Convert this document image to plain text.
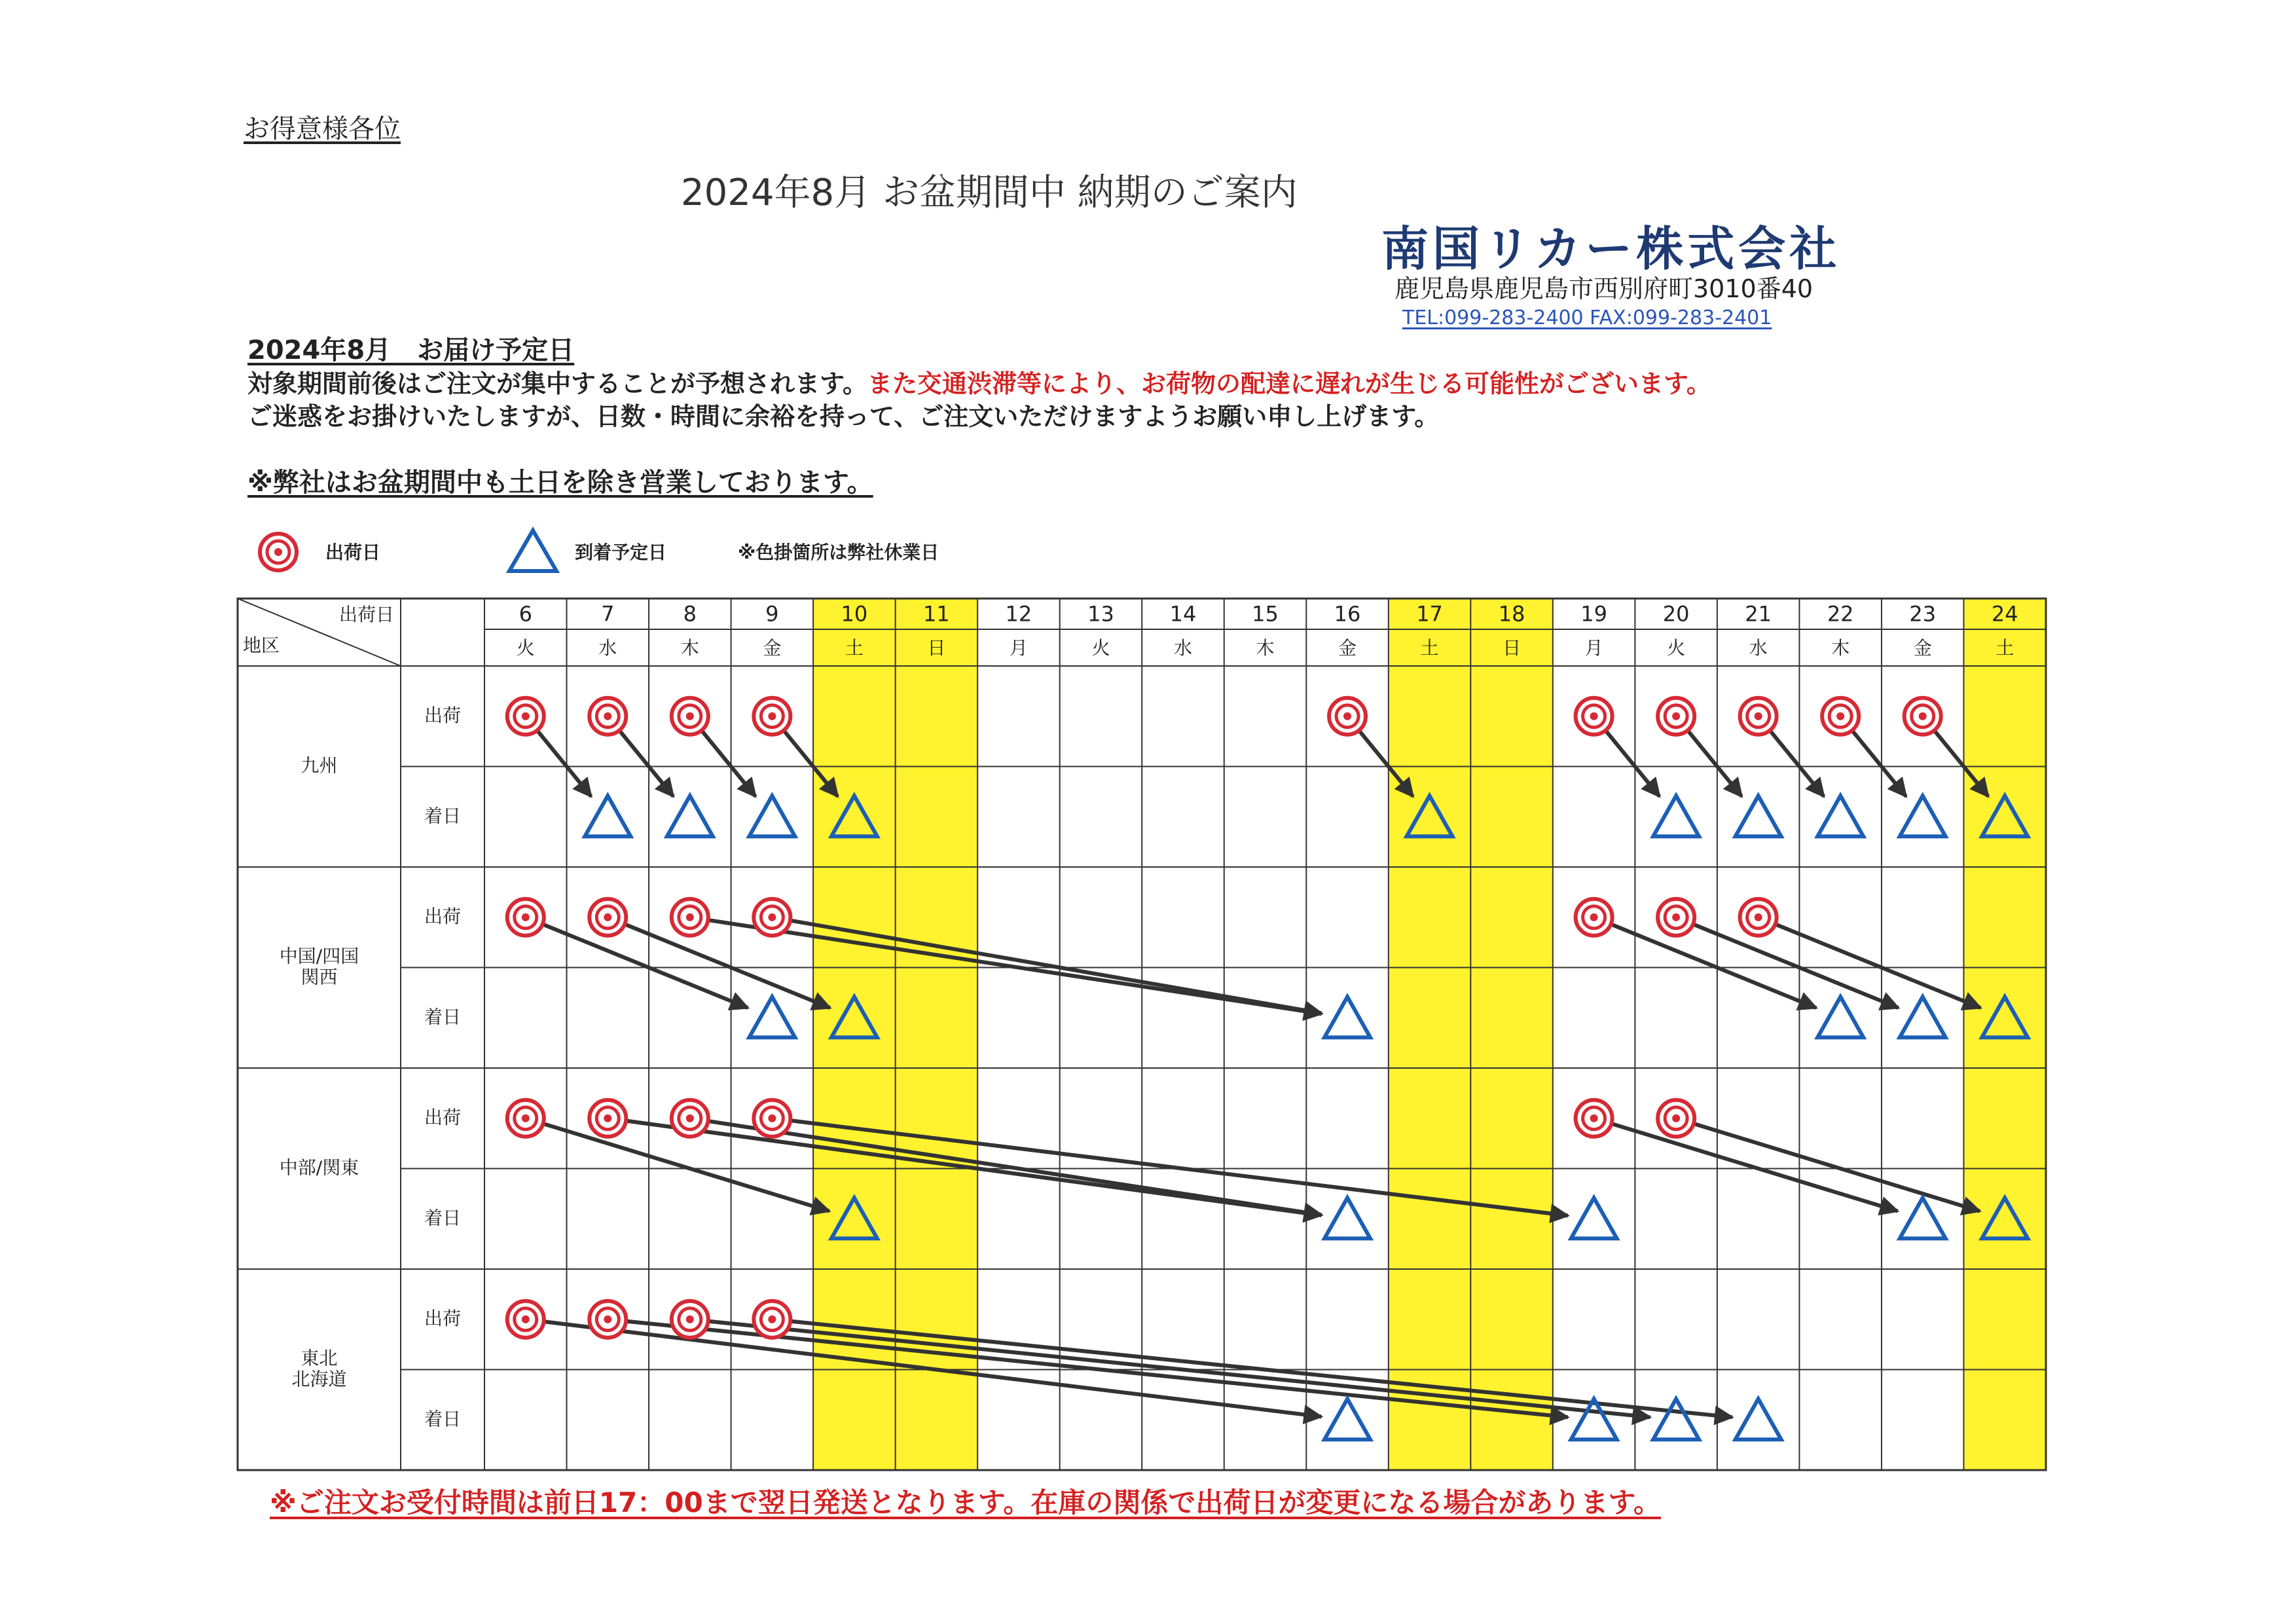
お得意様各位
2024年8月 お盆期間中 納期のご案内
南国リカー株式会社
鹿児島県鹿児島市西別府町3010番40
TEL:099-283-2400 FAX:099-283-2401
2024年8月　お届け予定日
対象期間前後はご注文が集中することが予想されます。また交通渋滞等により、お荷物の配達に遅れが生じる可能性がございます。
ご迷惑をお掛けいたしますが、日数・時間に余裕を持って、ご注文いただけますようお願い申し上げます。
※弊社はお盆期間中も土日を除き営業しております。
出荷日	到着予定日	※色掛箇所は弊社休業日
出荷日
地区
6
火
7
水
8
木
9
金
10
土
11
日
12
月
13
火
14
水
15
木
16
金
17
土
18
日
19
月
20
火
21
水
22
木
23
金
24
土
九州
出荷
着日
中国/四国
関西
出荷
着日
中部/関東
出荷
着日
東北
北海道
出荷
着日
※ご注文お受付時間は前日17：00まで翌日発送となります。在庫の関係で出荷日が変更になる場合があります。
